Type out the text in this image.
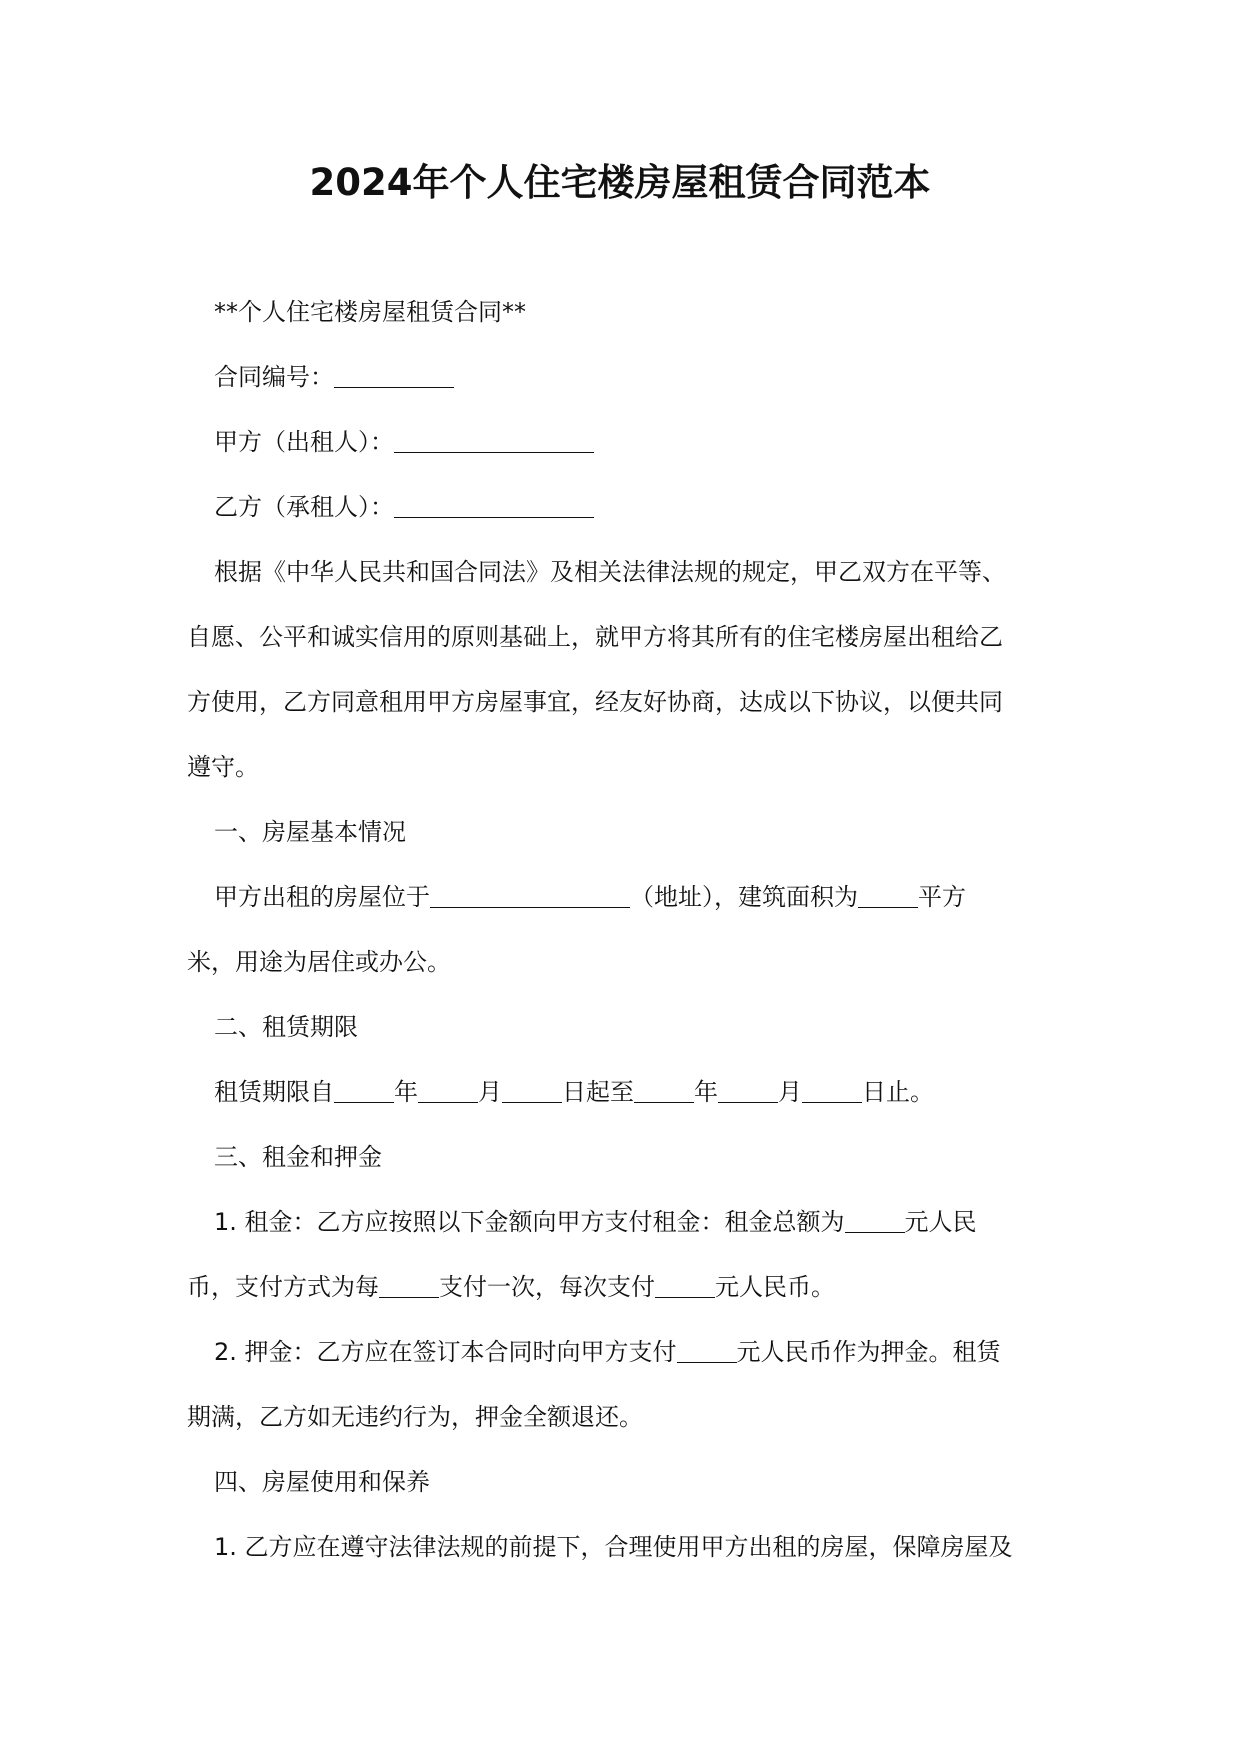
2024年个人住宅楼房屋租赁合同范本
**个人住宅楼房屋租赁合同**
合同编号：
甲方（出租人）：
乙方（承租人）：
根据《中华人民共和国合同法》及相关法律法规的规定，甲乙双方在平等、
自愿、公平和诚实信用的原则基础上，就甲方将其所有的住宅楼房屋出租给乙
方使用，乙方同意租用甲方房屋事宜，经友好协商，达成以下协议，以便共同
遵守。
一、房屋基本情况
甲方出租的房屋位于	（地址），建筑面积为	平方
米，用途为居住或办公。
二、租赁期限
租赁期限自	年	月	日起至	年	月	日止。
三、租金和押金
1. 租金：乙方应按照以下金额向甲方支付租金：租金总额为	元人民
币，支付方式为每	支付一次，每次支付	元人民币。
2. 押金：乙方应在签订本合同时向甲方支付	元人民币作为押金。租赁
期满，乙方如无违约行为，押金全额退还。
四、房屋使用和保养
1. 乙方应在遵守法律法规的前提下，合理使用甲方出租的房屋，保障房屋及
